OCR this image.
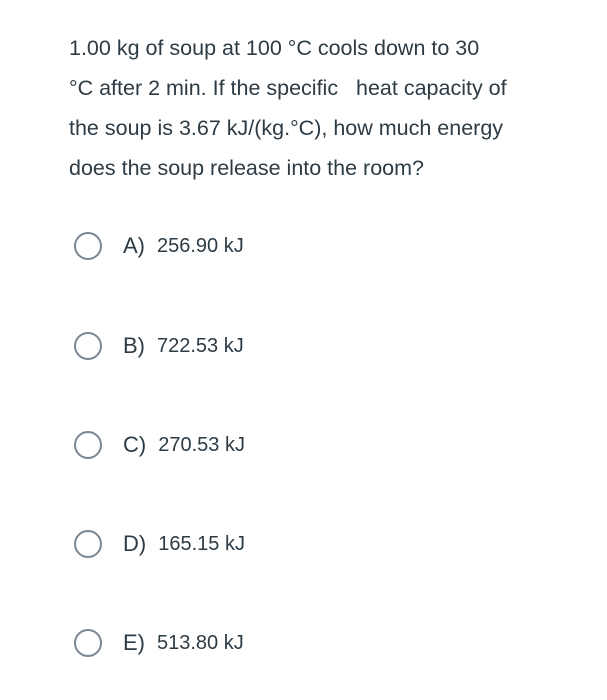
1.00 kg of soup at 100 °C cools down to 30
°C after 2 min. If the specific   heat capacity of
the soup is 3.67 kJ/(kg.°C), how much energy
does the soup release into the room?
A) 256.90 kJ
B) 722.53 kJ
C) 270.53 kJ
D) 165.15 kJ
E) 513.80 kJ
